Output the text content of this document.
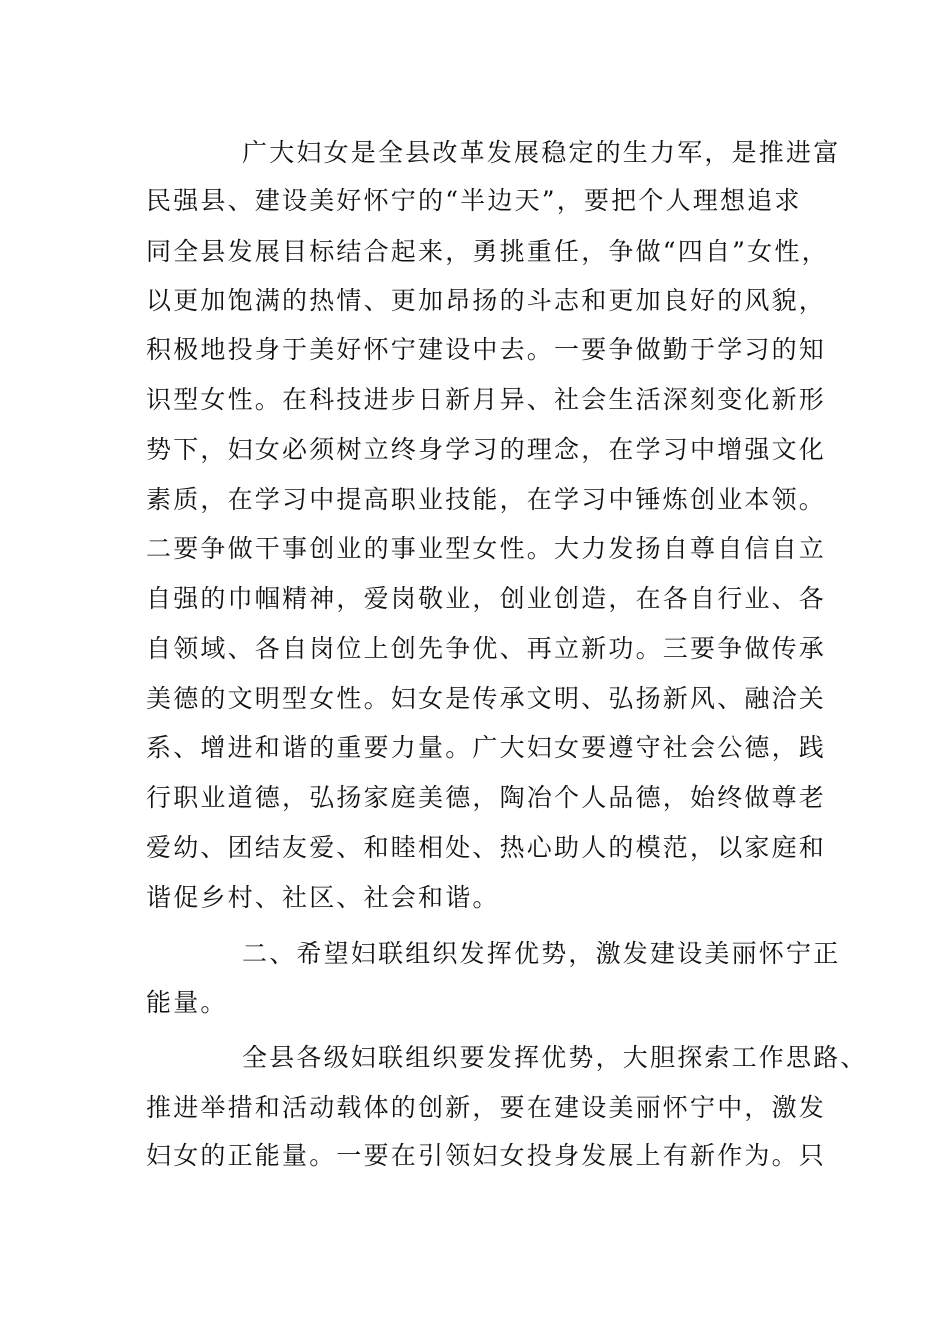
广大妇女是全县改革发展稳定的生力军，是推进富
民强县、建设美好怀宁的“半边天”，要把个人理想追求
同全县发展目标结合起来，勇挑重任，争做“四自”女性，
以更加饱满的热情、更加昂扬的斗志和更加良好的风貌，
积极地投身于美好怀宁建设中去。一要争做勤于学习的知
识型女性。在科技进步日新月异、社会生活深刻变化新形
势下，妇女必须树立终身学习的理念，在学习中增强文化
素质，在学习中提高职业技能，在学习中锤炼创业本领。
二要争做干事创业的事业型女性。大力发扬自尊自信自立
自强的巾帼精神，爱岗敬业，创业创造，在各自行业、各
自领域、各自岗位上创先争优、再立新功。三要争做传承
美德的文明型女性。妇女是传承文明、弘扬新风、融洽关
系、增进和谐的重要力量。广大妇女要遵守社会公德，践
行职业道德，弘扬家庭美德，陶冶个人品德，始终做尊老
爱幼、团结友爱、和睦相处、热心助人的模范，以家庭和
谐促乡村、社区、社会和谐。
二、希望妇联组织发挥优势，激发建设美丽怀宁正
能量。
全县各级妇联组织要发挥优势，大胆探索工作思路、
推进举措和活动载体的创新，要在建设美丽怀宁中，激发
妇女的正能量。一要在引领妇女投身发展上有新作为。只
